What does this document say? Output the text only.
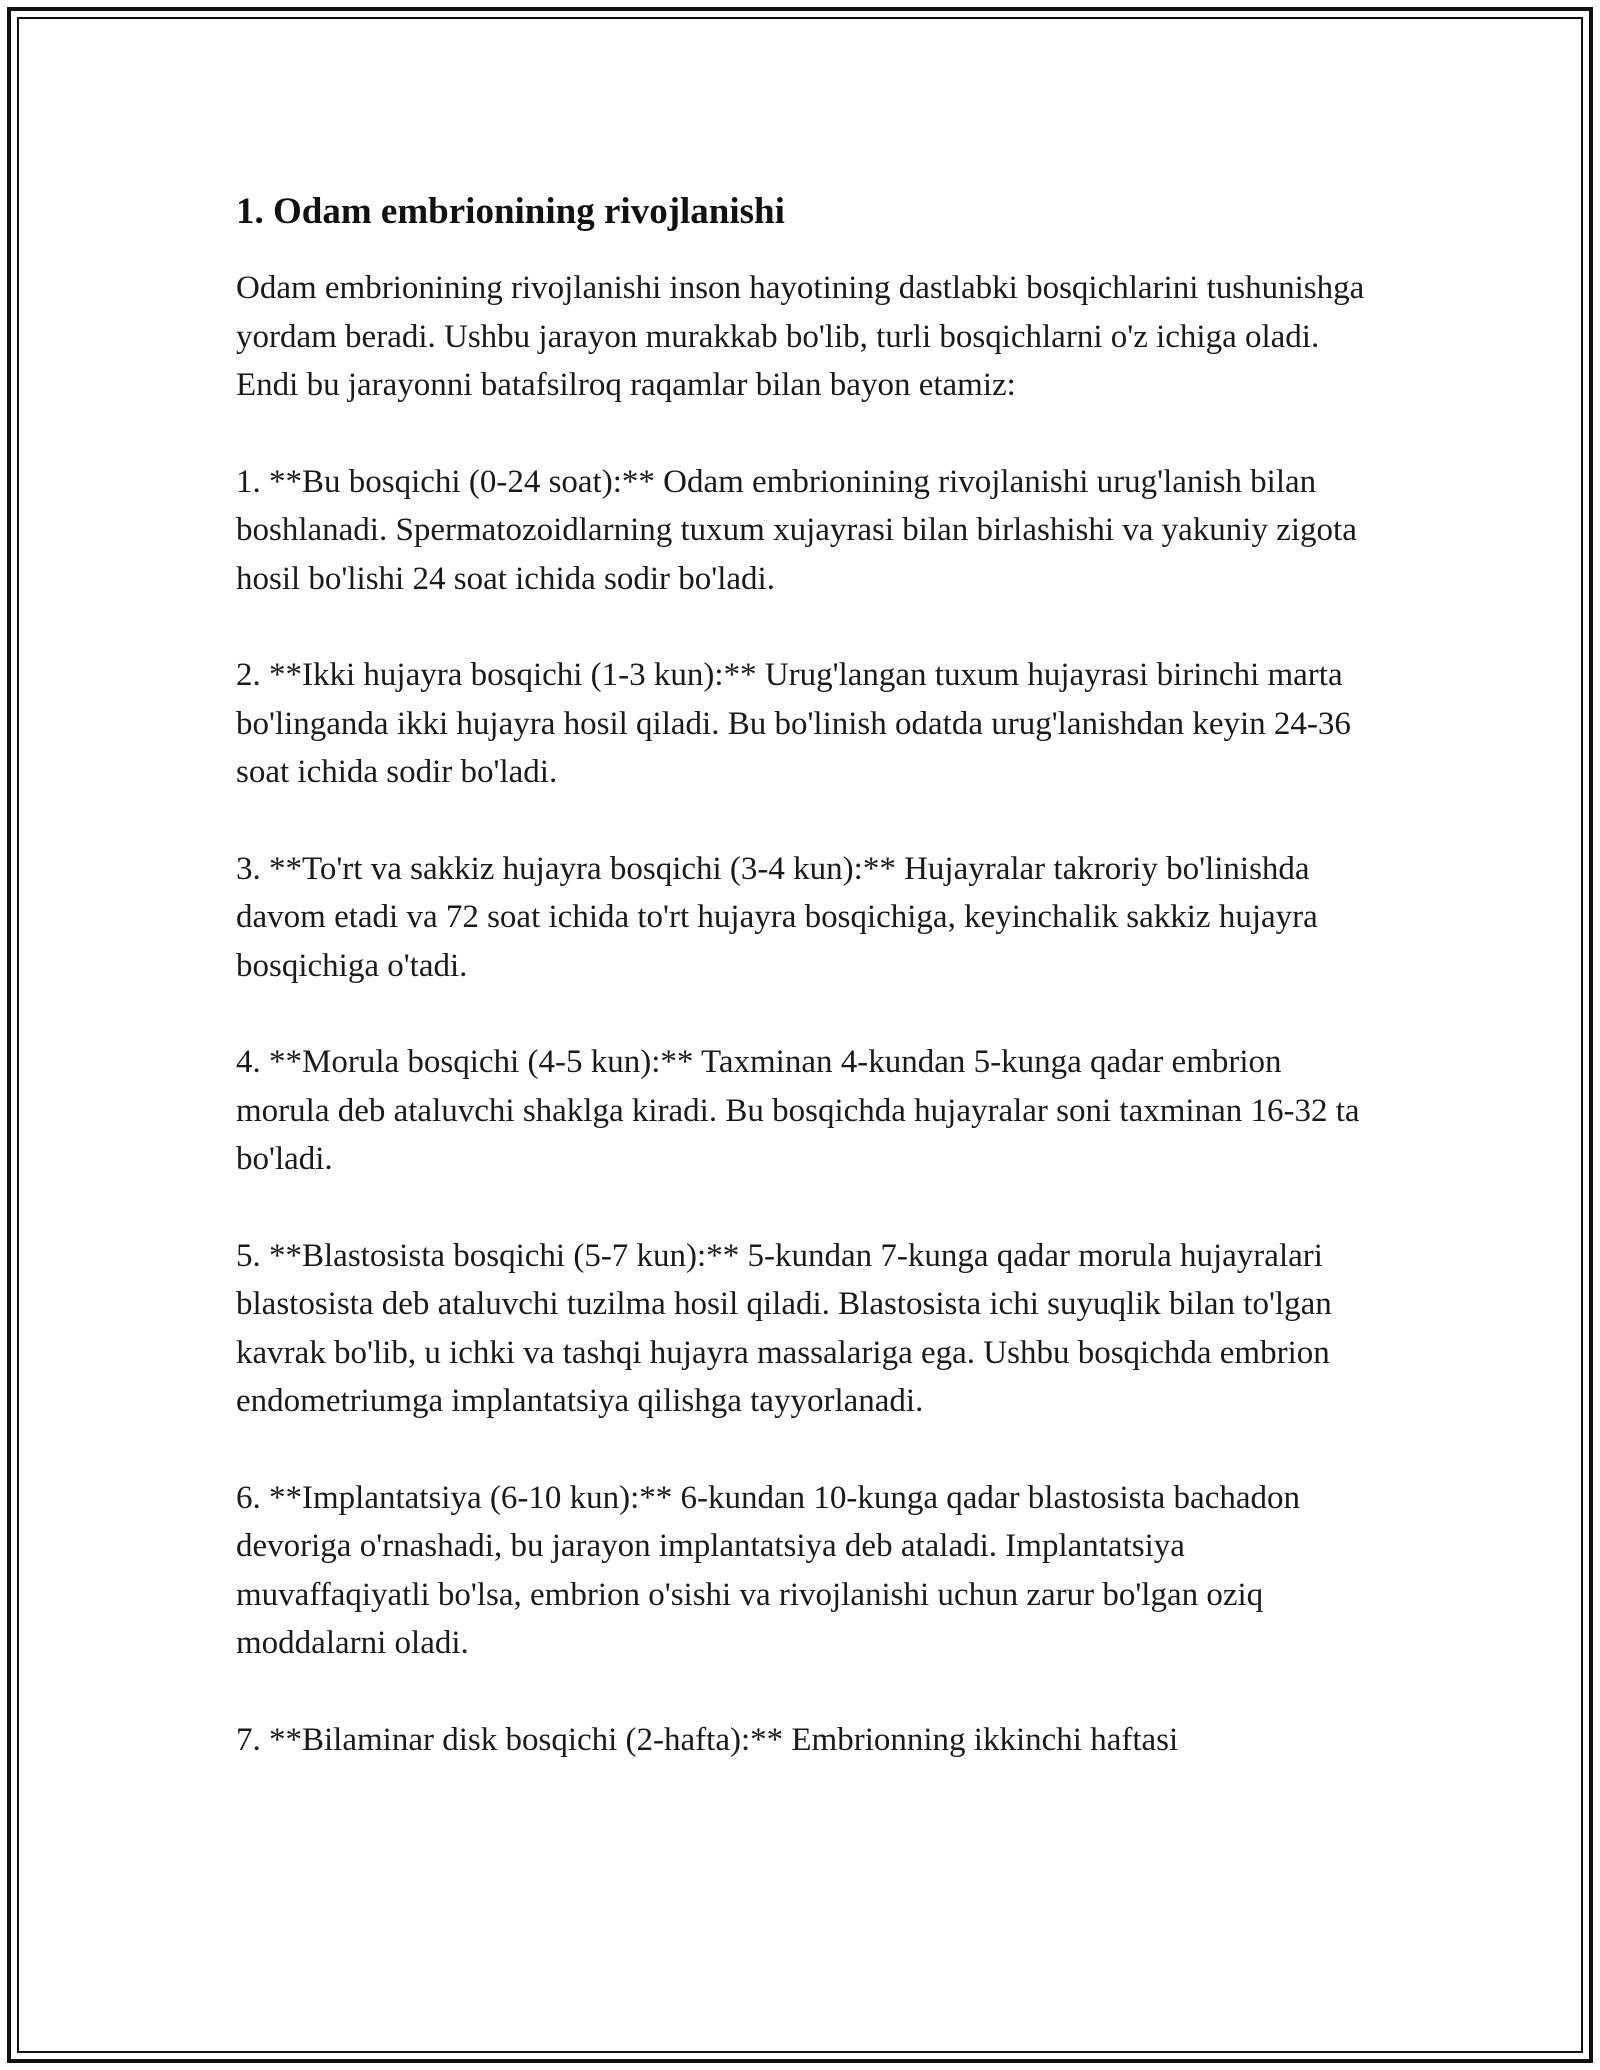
1. Odam embrionining rivojlanishi

Odam embrionining rivojlanishi inson hayotining dastlabki bosqichlarini tushunishga yordam beradi. Ushbu jarayon murakkab bo'lib, turli bosqichlarni o'z ichiga oladi. Endi bu jarayonni batafsilroq raqamlar bilan bayon etamiz:

1. **Bu bosqichi (0-24 soat):** Odam embrionining rivojlanishi urug'lanish bilan boshlanadi. Spermatozoidlarning tuxum xujayrasi bilan birlashishi va yakuniy zigota hosil bo'lishi 24 soat ichida sodir bo'ladi.

2. **Ikki hujayra bosqichi (1-3 kun):** Urug'langan tuxum hujayrasi birinchi marta bo'linganda ikki hujayra hosil qiladi. Bu bo'linish odatda urug'lanishdan keyin 24-36 soat ichida sodir bo'ladi.

3. **To'rt va sakkiz hujayra bosqichi (3-4 kun):** Hujayralar takroriy bo'linishda davom etadi va 72 soat ichida to'rt hujayra bosqichiga, keyinchalik sakkiz hujayra bosqichiga o'tadi.

4. **Morula bosqichi (4-5 kun):** Taxminan 4-kundan 5-kunga qadar embrion morula deb ataluvchi shaklga kiradi. Bu bosqichda hujayralar soni taxminan 16-32 ta bo'ladi.

5. **Blastosista bosqichi (5-7 kun):** 5-kundan 7-kunga qadar morula hujayralari blastosista deb ataluvchi tuzilma hosil qiladi. Blastosista ichi suyuqlik bilan to'lgan kavrak bo'lib, u ichki va tashqi hujayra massalariga ega. Ushbu bosqichda embrion endometriumga implantatsiya qilishga tayyorlanadi.

6. **Implantatsiya (6-10 kun):** 6-kundan 10-kunga qadar blastosista bachadon devoriga o'rnashadi, bu jarayon implantatsiya deb ataladi. Implantatsiya muvaffaqiyatli bo'lsa, embrion o'sishi va rivojlanishi uchun zarur bo'lgan oziq moddalarni oladi.

7. **Bilaminar disk bosqichi (2-hafta):** Embrionning ikkinchi haftasi
